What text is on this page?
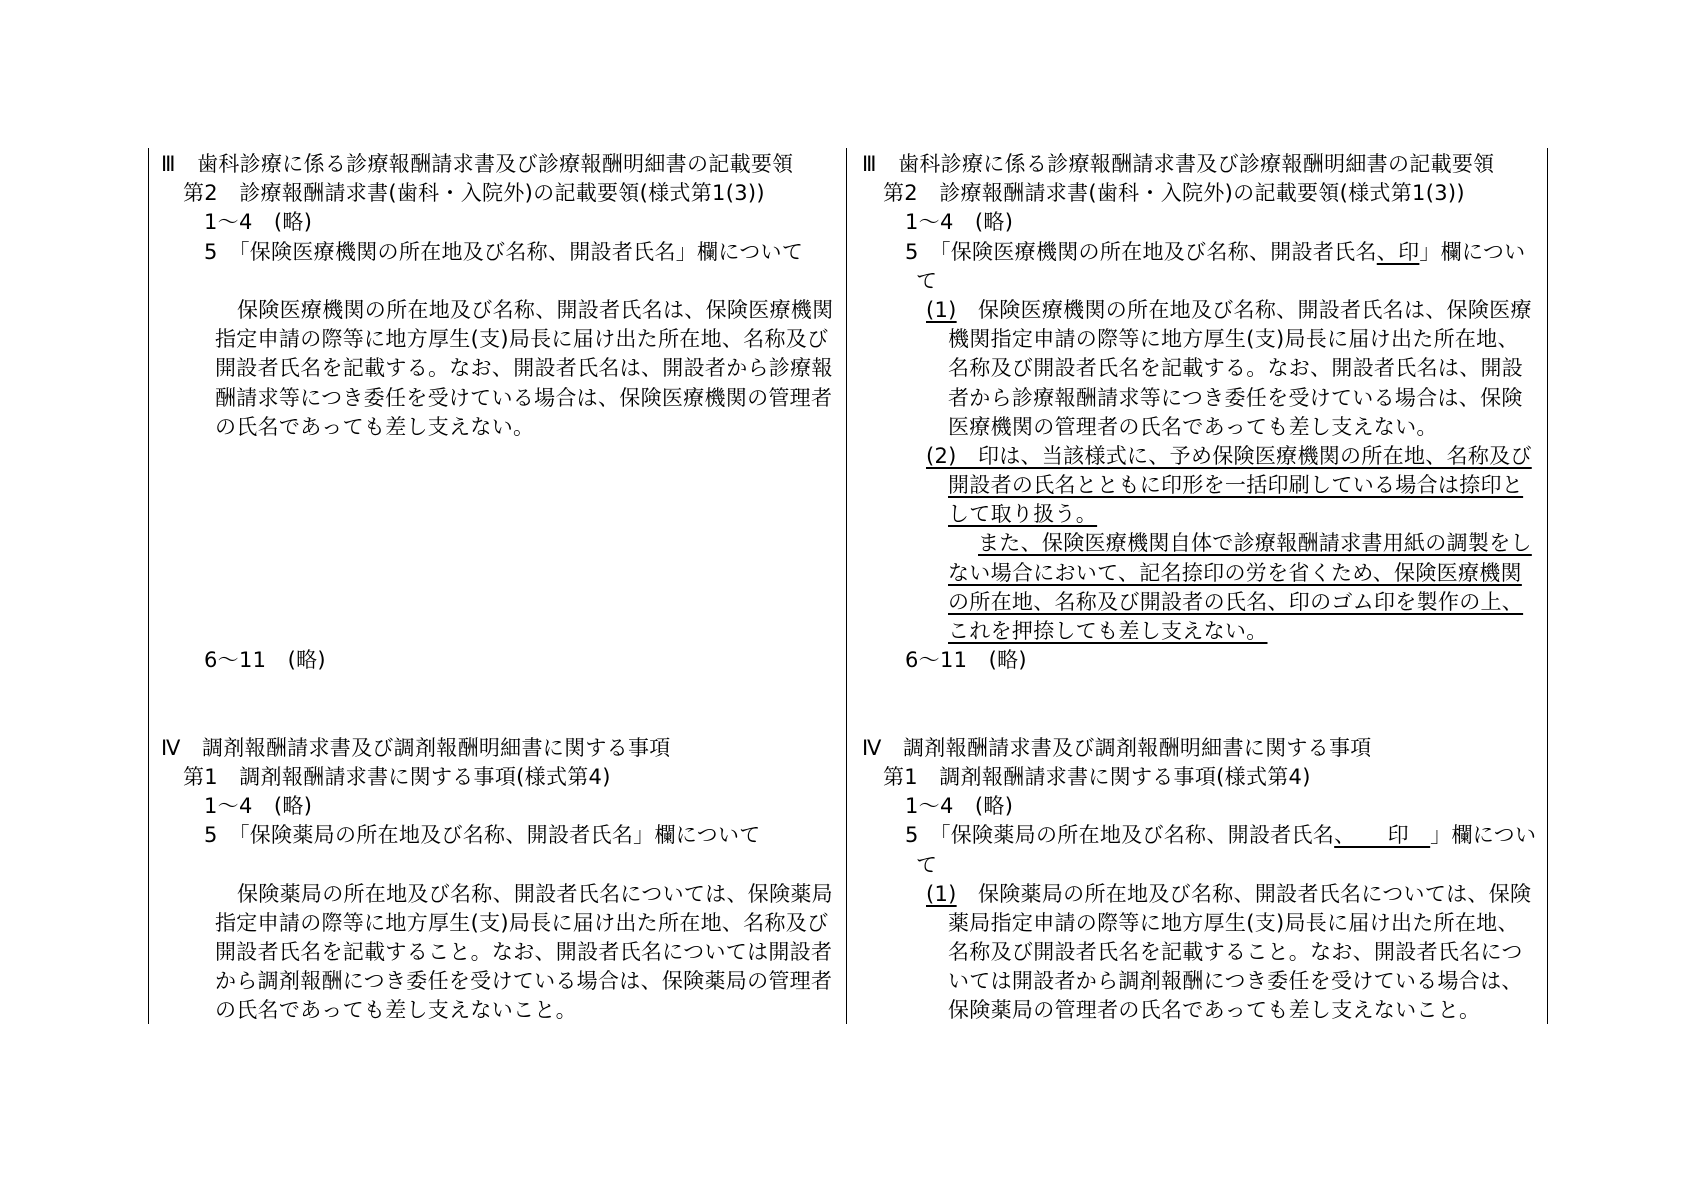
Ⅲ　歯科診療に係る診療報酬請求書及び診療報酬明細書の記載要領
第2　診療報酬請求書(歯科・入院外)の記載要領(様式第1(3))
1～4　(略)
5　「保険医療機関の所在地及び名称、開設者氏名」欄について
保険医療機関の所在地及び名称、開設者氏名は、保険医療機関
指定申請の際等に地方厚生(支)局長に届け出た所在地、名称及び
開設者氏名を記載する。なお、開設者氏名は、開設者から診療報
酬請求等につき委任を受けている場合は、保険医療機関の管理者
の氏名であっても差し支えない。
6～11　(略)
Ⅳ　調剤報酬請求書及び調剤報酬明細書に関する事項
第1　調剤報酬請求書に関する事項(様式第4)
1～4　(略)
5　「保険薬局の所在地及び名称、開設者氏名」欄について
保険薬局の所在地及び名称、開設者氏名については、保険薬局
指定申請の際等に地方厚生(支)局長に届け出た所在地、名称及び
開設者氏名を記載すること。なお、開設者氏名については開設者
から調剤報酬につき委任を受けている場合は、保険薬局の管理者
の氏名であっても差し支えないこと。
Ⅲ　歯科診療に係る診療報酬請求書及び診療報酬明細書の記載要領
第2　診療報酬請求書(歯科・入院外)の記載要領(様式第1(3))
1～4　(略)
5　「保険医療機関の所在地及び名称、開設者氏名、印」欄につい
て
(1)　保険医療機関の所在地及び名称、開設者氏名は、保険医療
機関指定申請の際等に地方厚生(支)局長に届け出た所在地、
名称及び開設者氏名を記載する。なお、開設者氏名は、開設
者から診療報酬請求等につき委任を受けている場合は、保険
医療機関の管理者の氏名であっても差し支えない。
(2)　印は、当該様式に、予め保険医療機関の所在地、名称及び
開設者の氏名とともに印形を一括印刷している場合は捺印と
して取り扱う。
また、保険医療機関自体で診療報酬請求書用紙の調製をし
ない場合において、記名捺印の労を省くため、保険医療機関
の所在地、名称及び開設者の氏名、印のゴム印を製作の上、
これを押捺しても差し支えない。
6～11　(略)
Ⅳ　調剤報酬請求書及び調剤報酬明細書に関する事項
第1　調剤報酬請求書に関する事項(様式第4)
1～4　(略)
5　「保険薬局の所在地及び名称、開設者氏名、　　印　」欄につい
て
(1)　保険薬局の所在地及び名称、開設者氏名については、保険
薬局指定申請の際等に地方厚生(支)局長に届け出た所在地、
名称及び開設者氏名を記載すること。なお、開設者氏名につ
いては開設者から調剤報酬につき委任を受けている場合は、
保険薬局の管理者の氏名であっても差し支えないこと。
